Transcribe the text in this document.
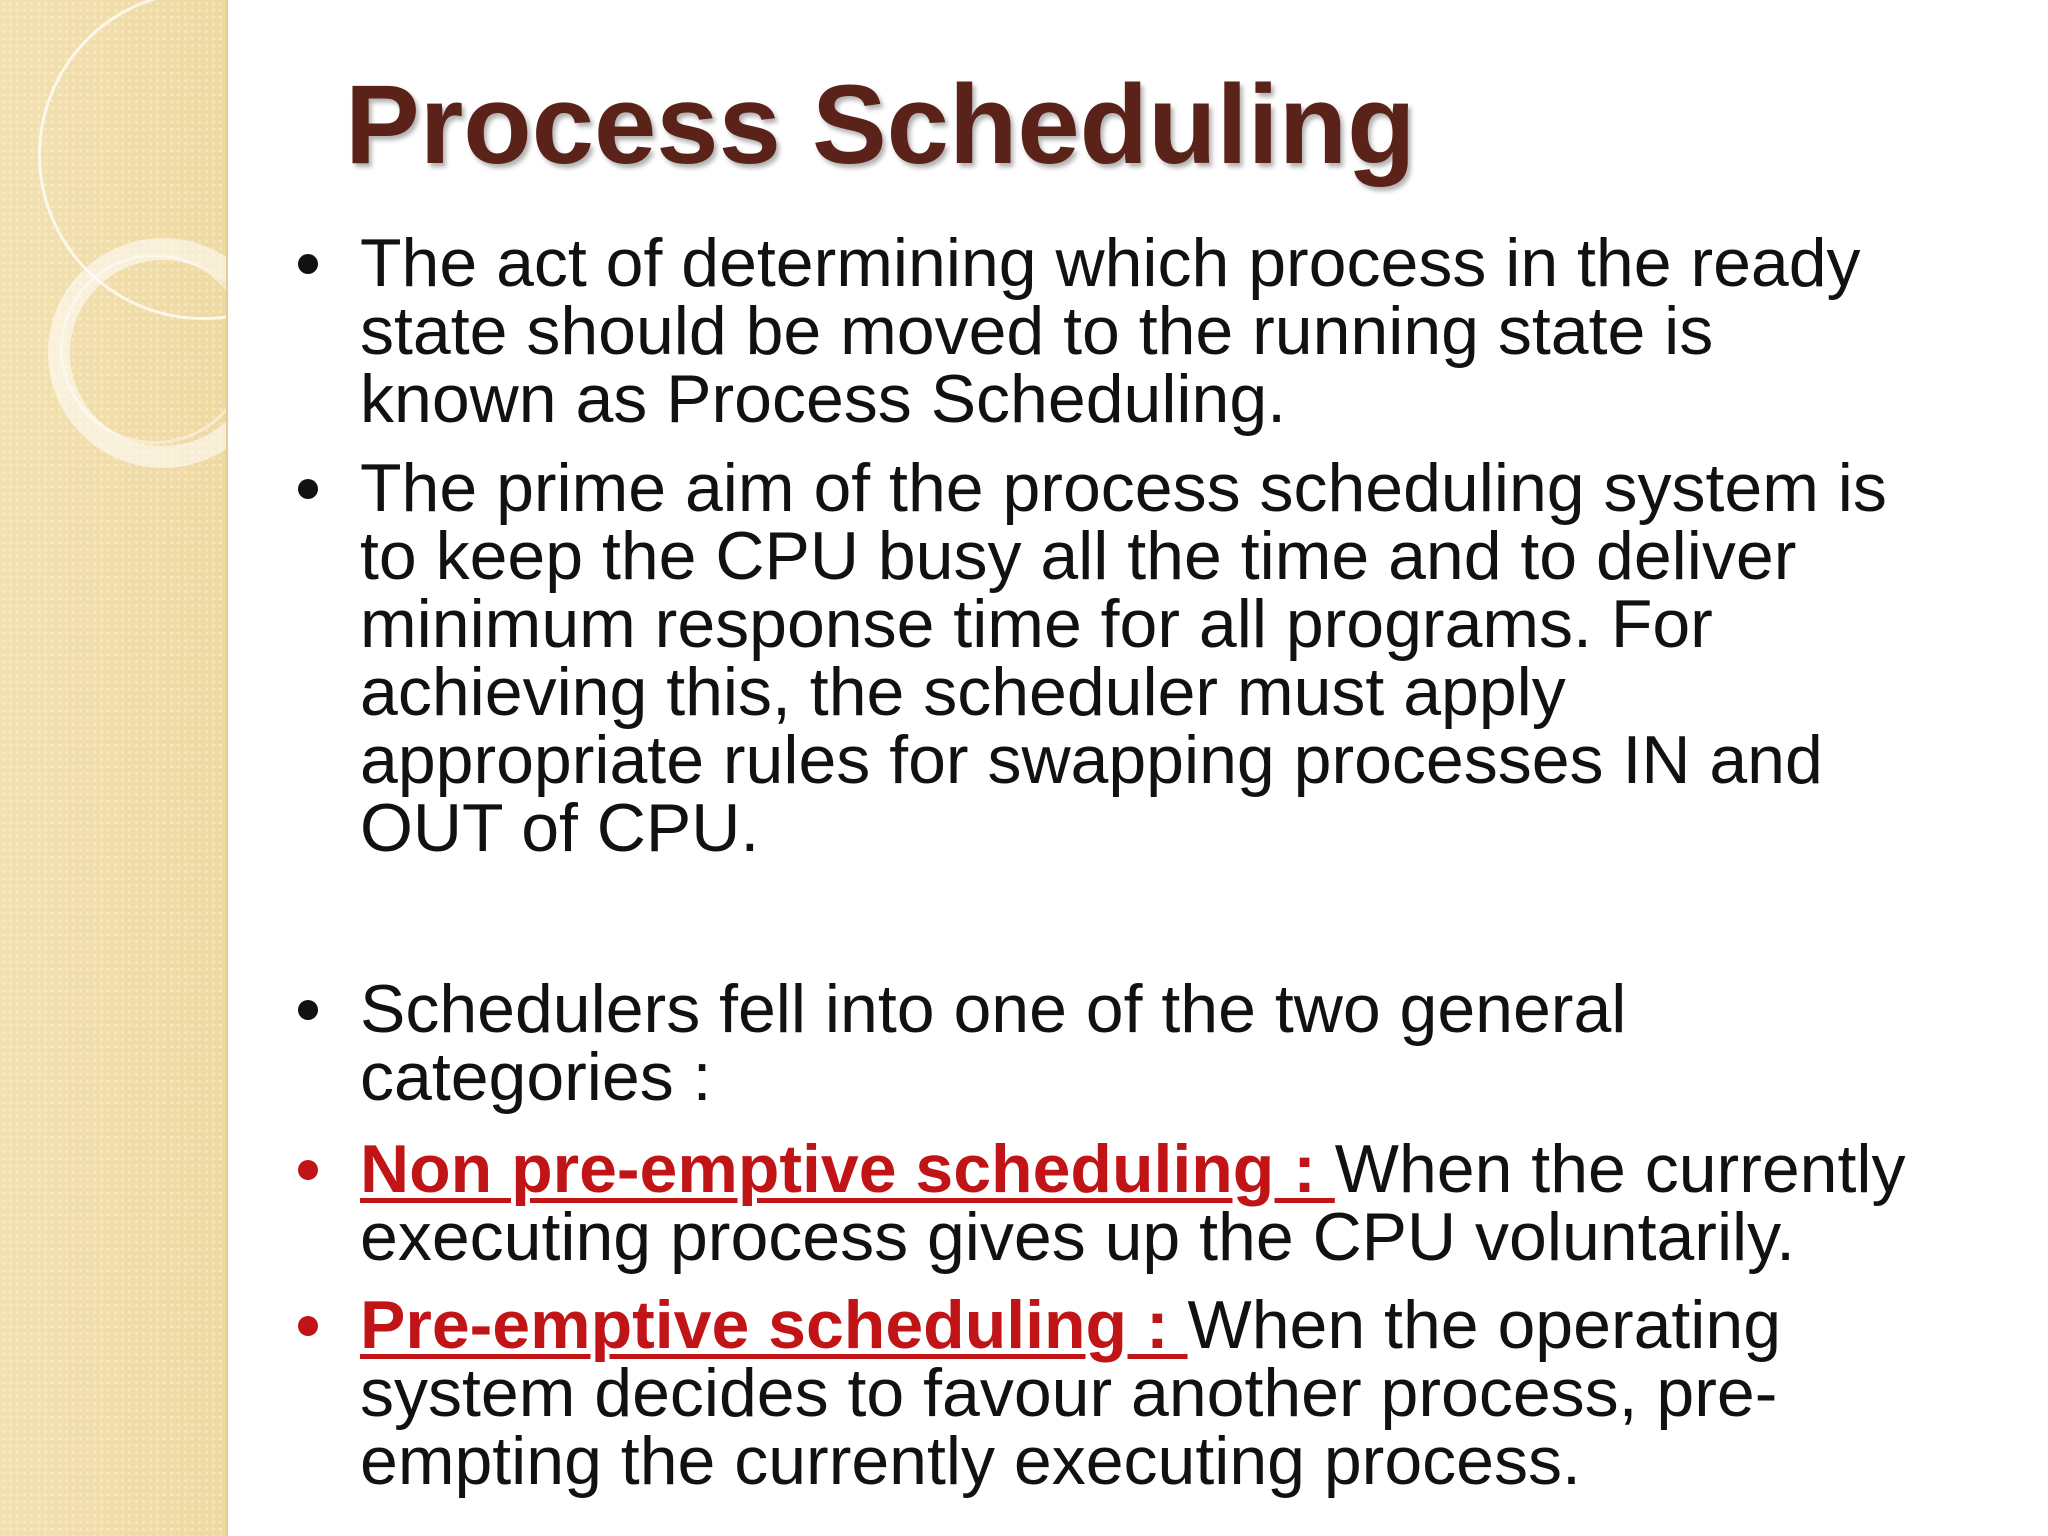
Process Scheduling
The act of determining which process in the ready
state should be moved to the running state is
known as Process Scheduling.
The prime aim of the process scheduling system is
to keep the CPU busy all the time and to deliver
minimum response time for all programs. For
achieving this, the scheduler must apply
appropriate rules for swapping processes IN and
OUT of CPU.
Schedulers fell into one of the two general
categories :
Non pre-emptive scheduling : When the currently
executing process gives up the CPU voluntarily.
Pre-emptive scheduling : When the operating
system decides to favour another process, pre-
empting the currently executing process.
